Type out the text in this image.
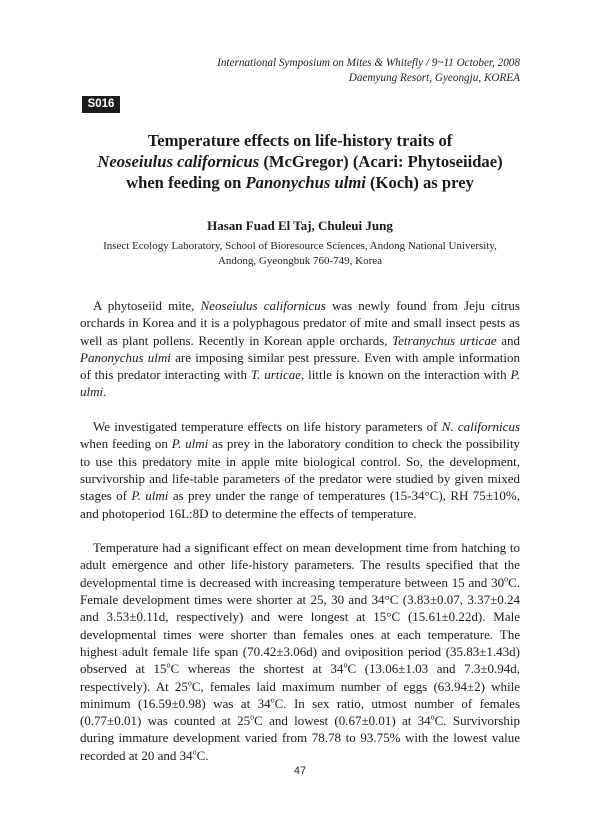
International Symposium on Mites & Whitefly / 9~11 October, 2008
Daemyung Resort, Gyeongju, KOREA
S016
Temperature effects on life-history traits of
Neoseiulus californicus (McGregor) (Acari: Phytoseiidae)
when feeding on Panonychus ulmi (Koch) as prey
Hasan Fuad El Taj, Chuleui Jung
Insect Ecology Laboratory, School of Bioresource Sciences, Andong National University,
Andong, Gyeongbuk 760-749, Korea

A phytoseiid mite, Neoseiulus californicus was newly found from Jeju citrus orchards in Korea and it is a polyphagous predator of mite and small insect pests as well as plant pollens. Recently in Korean apple orchards, Tetranychus urticae and Panonychus ulmi are imposing similar pest pressure. Even with ample information of this predator interacting with T. urticae, little is known on the interaction with P. ulmi.

We investigated temperature effects on life history parameters of N. californicus when feeding on P. ulmi as prey in the laboratory condition to check the possibility to use this predatory mite in apple mite biological control. So, the development, survivorship and life-table parameters of the predator were studied by given mixed stages of P. ulmi as prey under the range of temperatures (15-34°C), RH 75±10%, and photoperiod 16L:8D to determine the effects of temperature.

Temperature had a significant effect on mean development time from hatching to adult emergence and other life-history parameters. The results specified that the developmental time is decreased with increasing temperature between 15 and 30$^o$C. Female development times were shorter at 25, 30 and 34°C (3.83±0.07, 3.37±0.24 and 3.53±0.11d, respectively) and were longest at 15°C (15.61±0.22d). Male developmental times were shorter than females ones at each temperature. The highest adult female life span (70.42±3.06d) and oviposition period (35.83±1.43d) observed at 15$^o$C whereas the shortest at 34$^o$C (13.06±1.03 and 7.3±0.94d, respectively). At 25$^o$C, females laid maximum number of eggs (63.94±2) while minimum (16.59±0.98) was at 34$^o$C. In sex ratio, utmost number of females (0.77±0.01) was counted at 25$^o$C and lowest (0.67±0.01) at 34$^o$C. Survivorship during immature development varied from 78.78 to 93.75% with the lowest value recorded at 20 and 34$^o$C.

47
